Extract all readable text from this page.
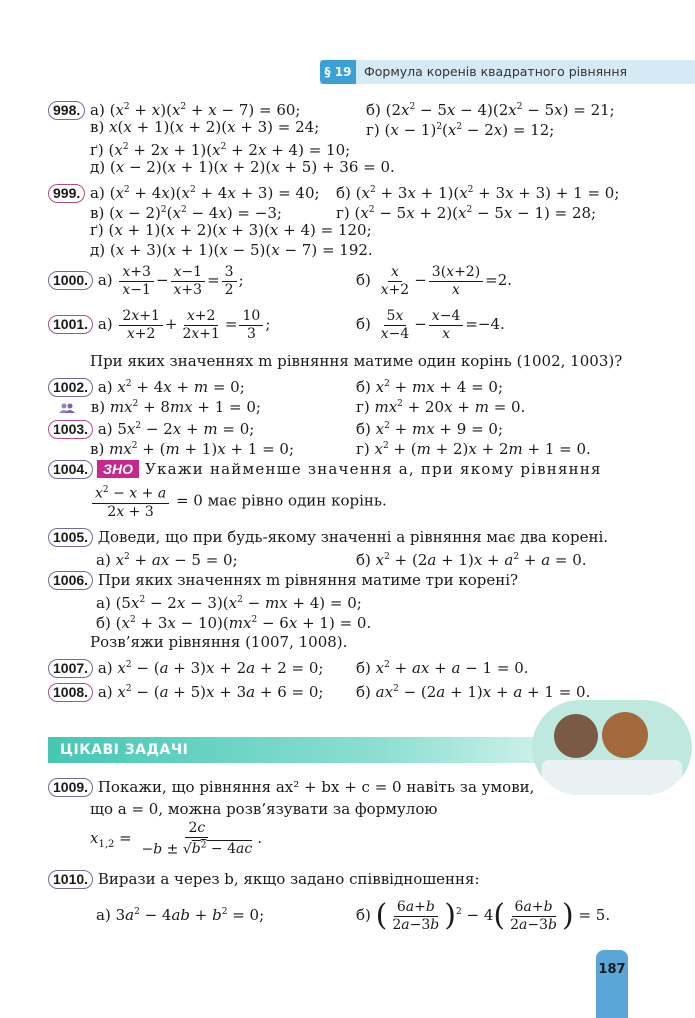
§ 19	Формула коренів квадратного рівняння
998. а) $(x^2 + x)(x^2 + x - 7) = 60$;	б) $(2x^2 - 5x - 4)(2x^2 - 5x) = 21$;
в) x(x + 1)(x + 2)(x + 3) = 24;	г) $(x - 1)^2(x^2 - 2x) = 12$;
ґ) $(x^2 + 2x + 1)(x^2 + 2x + 4) = 10$;
д) (x − 2)(x + 1)(x + 2)(x + 5) + 36 = 0.
999. а) $(x^2 + 4x)(x^2 + 4x + 3) = 40$; б) $(x^2 + 3x + 1)(x^2 + 3x + 3) + 1 = 0$;
в) $(x - 2)^2(x^2 - 4x) = -3$;	г) $(x^2 - 5x + 2)(x^2 - 5x - 1) = 28$;
ґ) (x + 1)(x + 2)(x + 3)(x + 4) = 120;
д) (x + 3)(x + 1)(x − 5)(x − 7) = 192.
1000. $а) \frac{x+3}{x-1} - \frac{x-1}{x+3} = \frac{3}{2}$ ;	$б) \frac{x}{x+2} - \frac{3(x+2)}{x} =2$.
1001. $а) \frac{2x+1}{x+2} + \frac{x+2}{2x+1} = \frac{10}{3}$ ;	$б) \frac{5x}{x-4} - \frac{x-4}{x} =-4$.
При яких значеннях m рівняння матиме один корінь (1002, 1003)?
1002. а) $x^2 + 4x + m = 0$;	б) $x^2$ + mx + 4 = 0;
в) $mx^2 + 8mx + 1 = 0$;	г) $mx^2 + 20x + m = 0$.
1003. а) $5x^2 - 2x + m = 0$;	б) $x^2$ + mx + 9 = 0;
в) $mx^2 + (m + 1)x + 1 = 0$;	г) $x^2 + (m + 2)x + 2m + 1 = 0$.
1004. ЗНО Укажи найменше значення a, при якому рівняння
$\frac{x^2 - x + a}{2x + 3} = 0$ має рівно один корінь.
1005. Доведи, що при будь-якому значенні a рівняння має два корені.
а) $x^2$ + ax − 5 = 0;	б) $x^2 + (2a + 1)x + a^2 + a = 0$.
1006. При яких значеннях m рівняння матиме три корені?
а) $(5x^2 - 2x - 3)(x^2$ − mx + 4) = 0;
б) $(x^2 + 3x - 10)(mx^2 - 6x + 1) = 0$.
Розв’яжи рівняння (1007, 1008).
1007. а) $x^2 - (a + 3)x + 2a + 2 = 0$; б) $x^2$ + ax + a − 1 = 0.
1008. а) $x^2 - (a + 5)x + 3a + 6 = 0$; б) $ax^2 - (2a + 1)x + a + 1 = 0$.
ЦІКАВІ ЗАДАЧІ
1009. Покажи, що рівняння ax² + bx + c = 0 навіть за умови,
що a = 0, можна розв’язувати за формулою
$x_{1,2} = \frac{2c}{-b \pm √b^2 - 4ac}$ .
1010. Вирази a через b, якщо задано співвідношення:
а) $3a^2 - 4ab + b^2 = 0$;	б) ( $\frac{6a+b}{2a-3b} )^2 - 4( \frac{6a+b}{2a-3b}$ ) = 5.
187
